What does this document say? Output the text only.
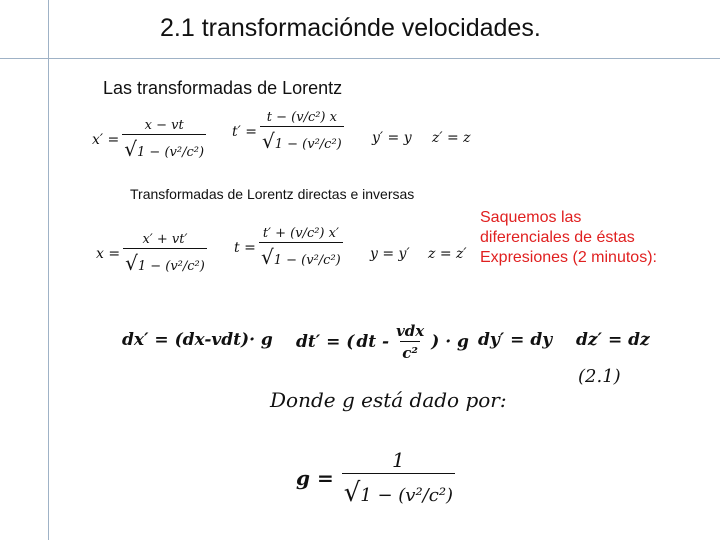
2.1 transformaciónde velocidades.
Las transformadas de Lorentz
$x' = \frac{x - vt}{\text{√1 − (v²/c²)}} t' = \frac{\text{t − (v/c²) x}}{\text{√1 − (v²/c²)}} y' = y$ z′ = z
Transformadas de Lorentz directas e inversas
$x = \frac{x' + vt'}{\text{√1 − (v²/c²)}}$ $t = \frac{\text{t′ + (v/c²) x′}}{\text{√1 − (v²/c²)}}$ y = y′ z = z′
Saquemos las
diferenciales de éstas
Expresiones (2 minutos):
dx′ = (dx-vdt)· g dt′ = ( dt - $\frac{\text{vdx}}{\text{c²}}$ ) · g dy′ = dy dz′ = dz
(2.1)
Donde g está dado por:
$g = \frac{1}{\text{√1 − (v²/c²)}}$
